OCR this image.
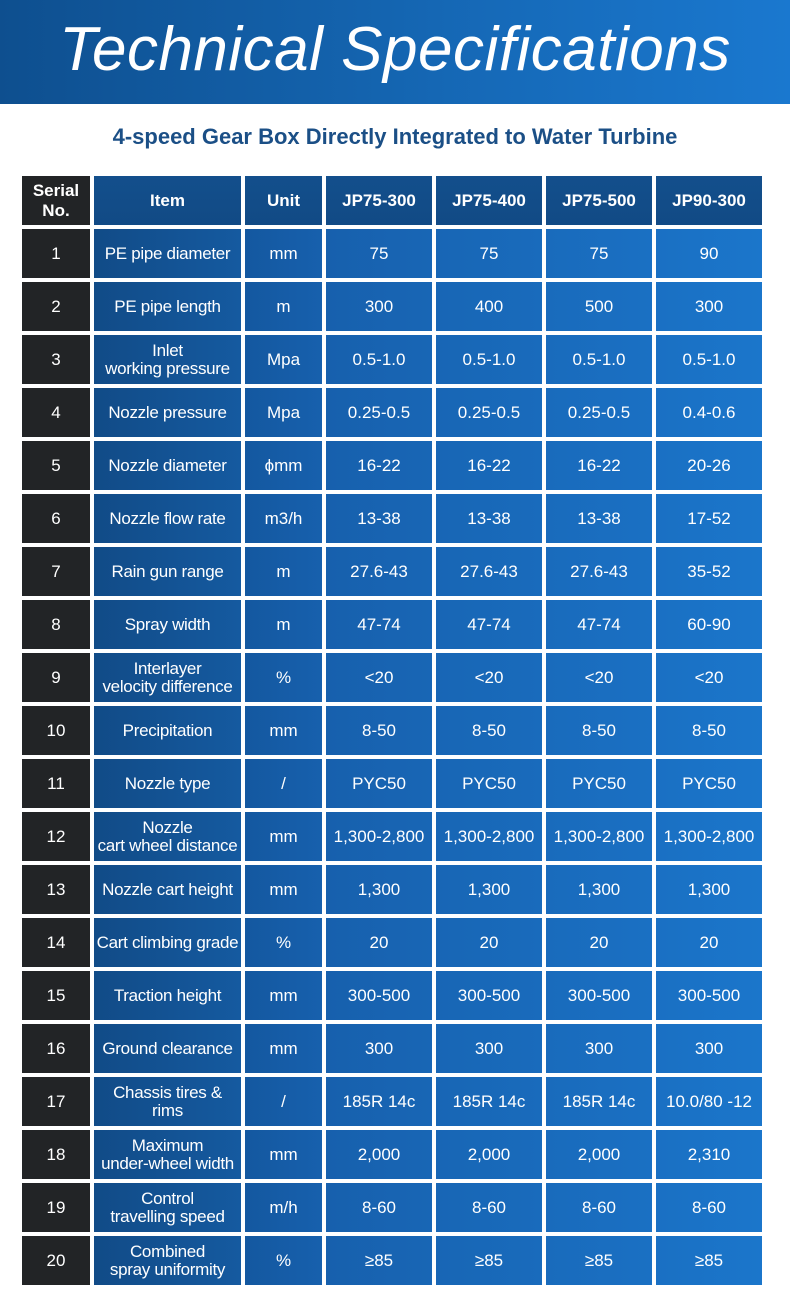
Technical Specifications
4-speed Gear Box Directly Integrated to Water Turbine
Serial
No.	Item	Unit	JP75-300	JP75-400	JP75-500	JP90-300

1	PE pipe diameter	mm	75	75	75	90

2	PE pipe length	m	300	400	500	300

3	Inlet
working pressure	Mpa	0.5-1.0	0.5-1.0	0.5-1.0	0.5-1.0

4	Nozzle pressure	Mpa	0.25-0.5	0.25-0.5	0.25-0.5	0.4-0.6

5	Nozzle diameter	ϕmm	16-22	16-22	16-22	20-26

6	Nozzle flow rate	m3/h	13-38	13-38	13-38	17-52

7	Rain gun range	m	27.6-43	27.6-43	27.6-43	35-52

8	Spray width	m	47-74	47-74	47-74	60-90

9	Interlayer
velocity difference	%	<20	<20	<20	<20

10	Precipitation	mm	8-50	8-50	8-50	8-50

11	Nozzle type	/	PYC50	PYC50	PYC50	PYC50

12	Nozzle
cart wheel distance	mm	1,300-2,800	1,300-2,800	1,300-2,800	1,300-2,800

13	Nozzle cart height	mm	1,300	1,300	1,300	1,300

14	Cart climbing grade	%	20	20	20	20

15	Traction height	mm	300-500	300-500	300-500	300-500

16	Ground clearance	mm	300	300	300	300

17	Chassis tires & rims	/	185R 14c	185R 14c	185R 14c	10.0/80 -12

18	Maximum
under-wheel width	mm	2,000	2,000	2,000	2,310

19	Control
travelling speed	m/h	8-60	8-60	8-60	8-60

20	Combined
spray uniformity	%	≥85	≥85	≥85	≥85
